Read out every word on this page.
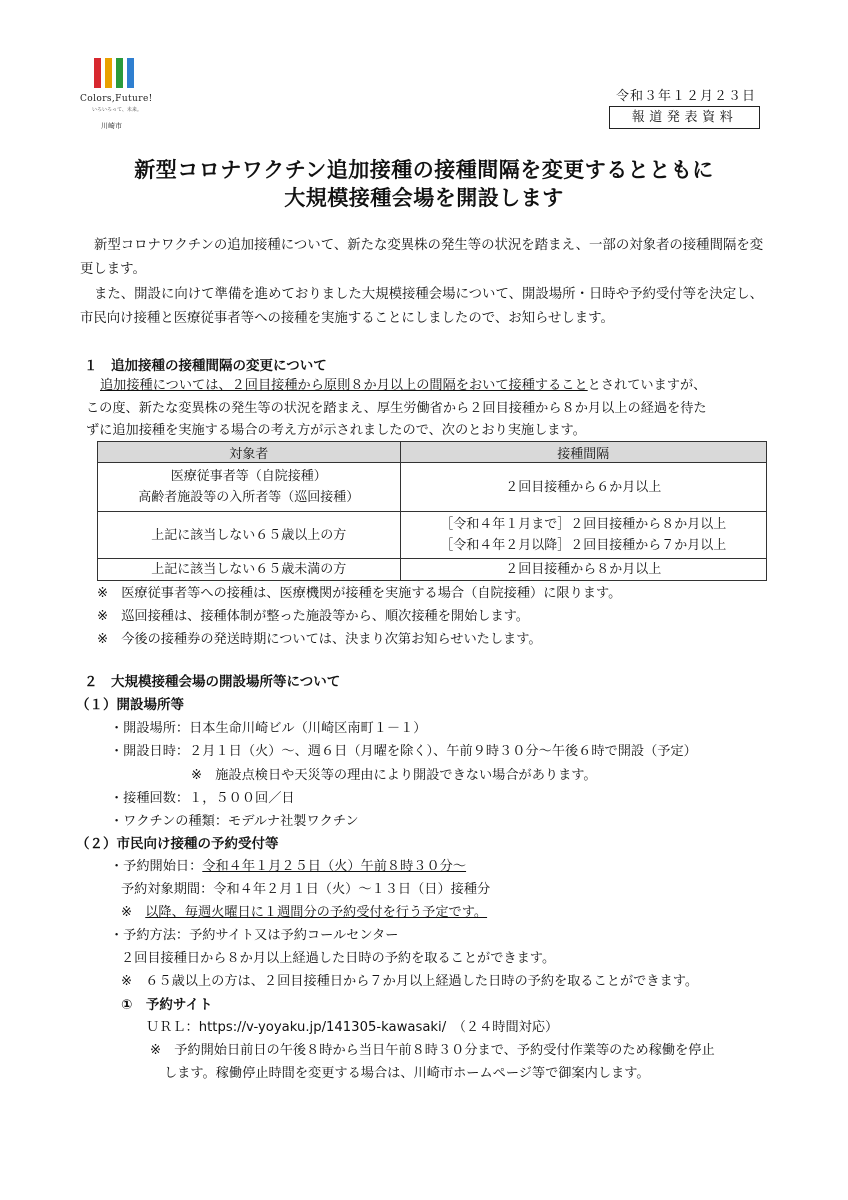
Colors,Future!
いろいろって、未来。
川崎市
令和３年１２月２３日
報道発表資料
新型コロナワクチン追加接種の接種間隔を変更するとともに
大規模接種会場を開設します
新型コロナワクチンの追加接種について、新たな変異株の発生等の状況を踏まえ、一部の対象者の接種間隔を変更します。
また、開設に向けて準備を進めておりました大規模接種会場について、開設場所・日時や予約受付等を決定し、市民向け接種と医療従事者等への接種を実施することにしましたので、お知らせします。
１　追加接種の接種間隔の変更について
追加接種については、２回目接種から原則８か月以上の間隔をおいて接種することとされていますが、
この度、新たな変異株の発生等の状況を踏まえ、厚生労働省から２回目接種から８か月以上の経過を待た
ずに追加接種を実施する場合の考え方が示されましたので、次のとおり実施します。
対象者	接種間隔

医療従事者等（自院接種）
高齢者施設等の入所者等（巡回接種）	２回目接種から６か月以上
上記に該当しない６５歳以上の方	［令和４年１月まで］２回目接種から８か月以上
［令和４年２月以降］２回目接種から７か月以上

上記に該当しない６５歳未満の方	２回目接種から８か月以上
※　医療従事者等への接種は、医療機関が接種を実施する場合（自院接種）に限ります。
※　巡回接種は、接種体制が整った施設等から、順次接種を開始します。
※　今後の接種券の発送時期については、決まり次第お知らせいたします。
２　大規模接種会場の開設場所等について
（１）開設場所等
・開設場所：日本生命川崎ビル（川崎区南町１－１）
・開設日時：２月１日（火）～、週６日（月曜を除く）、午前９時３０分～午後６時で開設（予定）
※　施設点検日や天災等の理由により開設できない場合があります。
・接種回数：１，５００回／日
・ワクチンの種類：モデルナ社製ワクチン
（２）市民向け接種の予約受付等
・予約開始日：令和４年１月２５日（火）午前８時３０分～
予約対象期間：令和４年２月１日（火）～１３日（日）接種分
※　以降、毎週火曜日に１週間分の予約受付を行う予定です。
・予約方法：予約サイト又は予約コールセンター
２回目接種日から８か月以上経過した日時の予約を取ることができます。
※　６５歳以上の方は、２回目接種日から７か月以上経過した日時の予約を取ることができます。
①　予約サイト
ＵＲＬ：https://v-yoyaku.jp/141305-kawasaki/　（２４時間対応）
※　予約開始日前日の午後８時から当日午前８時３０分まで、予約受付作業等のため稼働を停止
します。稼働停止時間を変更する場合は、川崎市ホームページ等で御案内します。
